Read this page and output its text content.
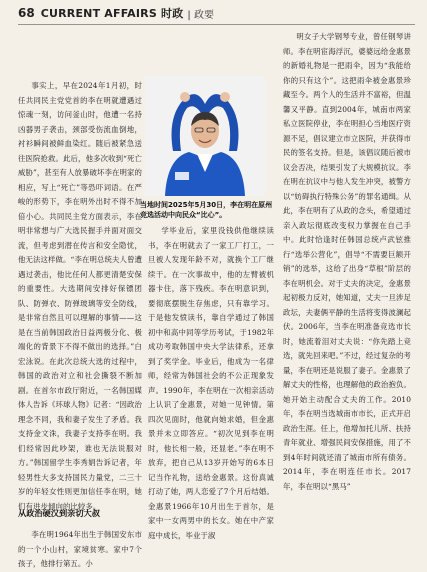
68 CURRENT AFFAIRS 时政 | 政要
事实上，早在2024年1月初，时任共同民主党党首的李在明就遭遇过惊魂一刻，访问釜山时，他遭一名持凶器男子袭击，颈部受伤流血倒地，衬衫瞬间被鲜血染红。随后被紧急送往医院抢救。此后，他多次收到“死亡威胁”，甚至有人放暴破坏李在明家的相应，写上“死亡”等恐吓词语。在严峻的形势下，李在明外出时不得不加倍小心。共同民主党方面表示，李在明非常想与广大选民握手并面对面交流，但考虑到潜在传言和安全隐忧，他无法这样做。“李在明总统夫人曾遭遇过袭击，他比任何人都更清楚安保的重要性。大选期间安排好保镖团队、防弹衣、防弹玻璃等安全防线，是非常自然且可以理解的事情——这是在当前韩国政治日益两极分化、极端化的背景下不得不做出的选择。”白宏泳说。在此次总统大选的过程中，韩国的政治对立和社会撕裂不断加剧。在首尔市政厅附近，一名韩国媒体人告诉《环球人物》记者：“因政治理念不同，我和妻子发生了矛盾。我支持金文洙，我妻子支持李在明。我们经常因此吵架，谁也无法说服对方。”韩国留学生李秀娟告诉记者，年轻男性大多支持国民力量党，二三十岁的年轻女性则更加信任李在明，她们有进步倾向的比较多。
当地时间2025年5月30日，李在明在原州竞选活动中向民众“比心”。
从政治硬汉到亲切大叔
李在明1964年出生于韩国安东市的一个小山村，家境贫寒。家中7个孩子，他排行第五。小
学毕业后，家里没钱供他继续读书，李在明就去了一家工厂打工，一旦被人发现年龄不对，就换个工厂继续干。在一次事故中，他的左臂被机器卡住，落下残疾。李在明意识到，要彻底摆脱生存焦虑，只有靠学习。于是他发愤读书，靠自学通过了韩国初中和高中同等学历考试，于1982年成功考取韩国中央大学法律系，还拿到了奖学金。毕业后，他成为一名律师，经常为韩国社会的不公正现象发声。1990年，李在明在一次相亲活动上认识了金惠景，对她一见钟情。第四次见面时，他就向她求婚，但金惠景并未立即答应。“初次见到李在明时，他长相一般，还显老。”李在明不放弃，把自己从13岁开始写的6本日记当作礼物，送给金惠景。这份真诚打动了她，两人恋爱了7个月后结婚。金惠景1966年10月出生于首尔，是家中一女两男中的长女。她在中产家庭中成长，毕业于淑
明女子大学钢琴专业，曾任钢琴讲师。李在明宦海浮沉，婆婆远给金惠景的新婚礼物是一把雨伞，因为“我能给你的只有这个”。这把雨伞被金惠景珍藏至今。两个人的生活并不富裕，但温馨又平静。直到2004年，城南市两家私立医院停业，李在明担心当地医疗资源不足，倡议建立市立医院，并获得市民的签名支持。但是，该倡议随后被市议会否决，结果引发了大规模抗议。李在明在抗议中与他人发生冲突，被警方以“妨碍执行特殊公务”的罪名通缉。从此，李在明有了从政的念头，希望通过亲入政坛彻底改变权力掌握在自己手中。此时恰逢时任韩国总统卢武铉推行“选举公营化”，倡导“不需要巨额开销”的选举，这给了出身“草根”阶层的李在明机会。对于丈夫的决定，金惠景起初极力反对，她知道，丈夫一旦涉足政坛，夫妻俩平静的生活将变得波澜起伏。2006年，当李在明准备竞选市长时，她流着泪对丈夫说：“你先踏上竞选，就先回来吧。”不过，经过复杂的考量，李在明还是说服了妻子。金惠景了解丈夫的性格，也理解他的政治抱负。她开始主动配合丈夫的工作。2010年，李在明当选城南市市长，正式开启政治生涯。任上，他增加托儿所、扶持青年就业、增强民间安保措施，用了不到4年时间就还清了城南市所有债务。2014年，李在明连任市长。2017年，李在明以“黑马”
